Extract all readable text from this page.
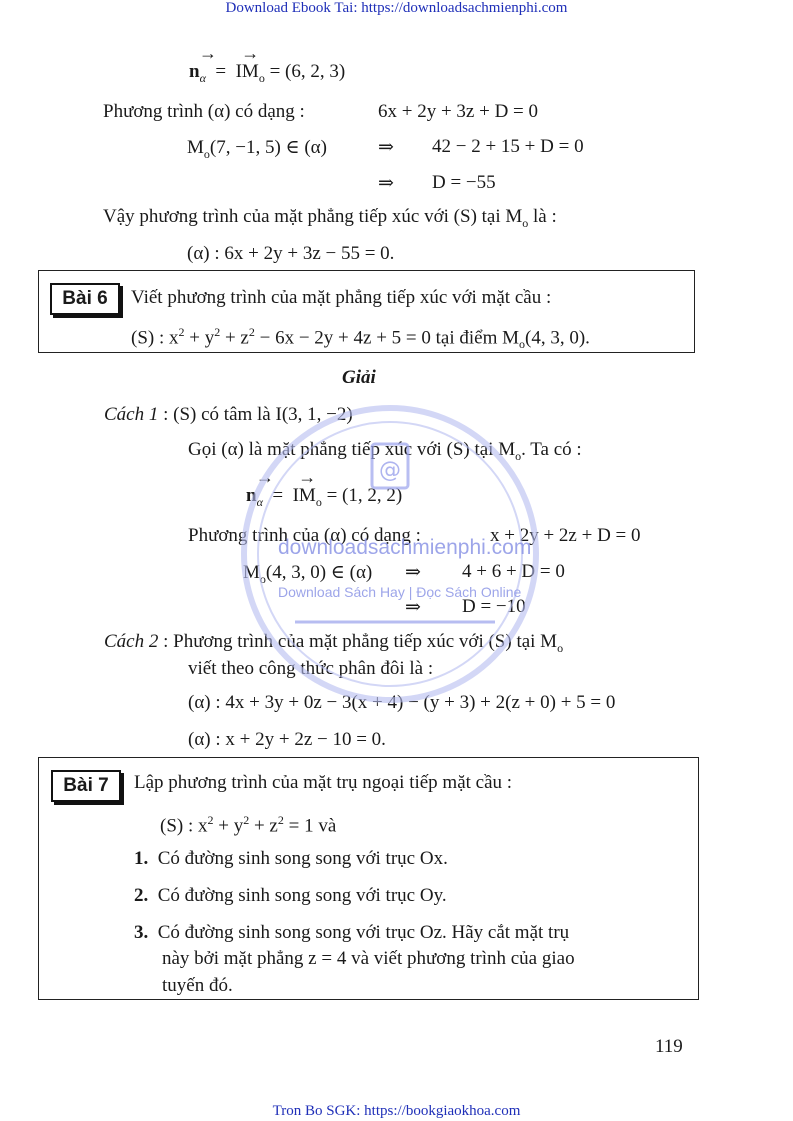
Download Ebook Tai: https://downloadsachmienphi.com
Tron Bo SGK: https://bookgiaokhoa.com
→ $n_\alpha$  =  → $IM_o = (6$, 2, 3)
Phương trình (α) có dạng :	6x + 2y + 3z + D = 0
$M_o(7$, −1, 5) ∈ (α)	⇒ 42 − 2 + 15 + D = 0
⇒ D = −55
Vậy phương trình của mặt phẳng tiếp xúc với (S) tại $M_o$ là :
(α) : 6x + 2y + 3z − 55 = 0.
Bài 6	Viết phương trình của mặt phẳng tiếp xúc với mặt cầu :
(S) : $x^2 + y^2 + z^2 - 6x - 2y + 4z + 5 = 0$ tại điểm $M_o(4$, 3, 0).
Giải
Cách 1 : (S) có tâm là I(3, 1, −2)
Gọi (α) là mặt phẳng tiếp xúc với (S) tại $M_o$. Ta có :
→ $n_\alpha$  =  → $IM_o = (1$, 2, 2)
Phương trình của (α) có dạng :	x + 2y + 2z + D = 0
$M_o(4$, 3, 0) ∈ (α) ⇒ 4 + 6 + D = 0
⇒ D = −10
Cách 2 : Phương trình của mặt phẳng tiếp xúc với (S) tại $M_o$
viết theo công thức phân đôi là :
(α) : 4x + 3y + 0z − 3(x + 4) − (y + 3) + 2(z + 0) + 5 = 0
(α) : x + 2y + 2z − 10 = 0.
Bài 7	Lập phương trình của mặt trụ ngoại tiếp mặt cầu :
(S) : $x^2 + y^2 + z^2 = 1$ và
1. Có đường sinh song song với trục Ox.
2. Có đường sinh song song với trục Oy.
3. Có đường sinh song song với trục Oz. Hãy cắt mặt trụ
này bởi mặt phẳng z = 4 và viết phương trình của giao
tuyến đó.
119
@
downloadsachmienphi.com
Download Sách Hay | Đọc Sách Online
